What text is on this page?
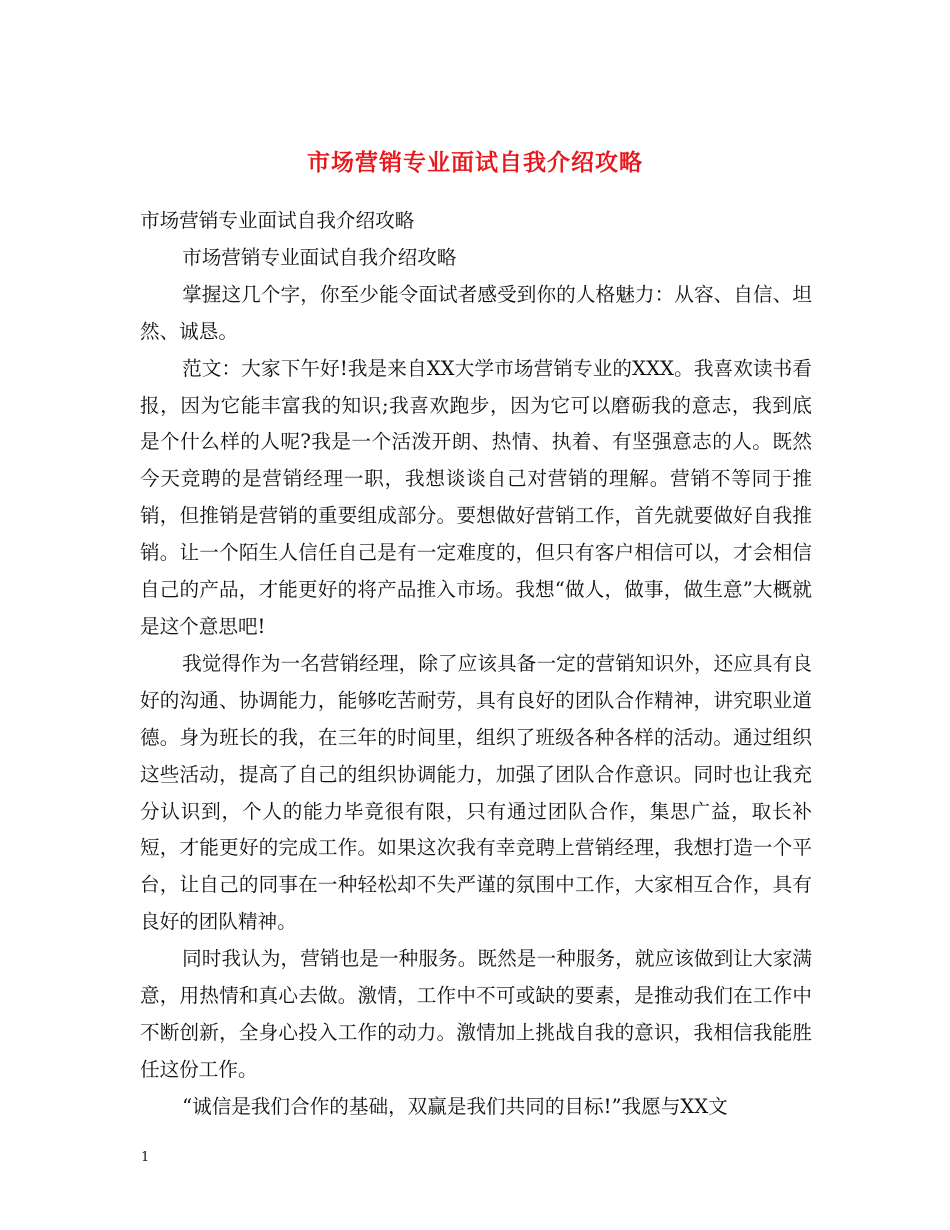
市场营销专业面试自我介绍攻略

市场营销专业面试自我介绍攻略

市场营销专业面试自我介绍攻略

掌握这几个字，你至少能令面试者感受到你的人格魅力：从容、自信、坦然、诚恳。

范文：大家下午好!我是来自XX大学市场营销专业的XXX。我喜欢读书看报，因为它能丰富我的知识;我喜欢跑步，因为它可以磨砺我的意志，我到底是个什么样的人呢?我是一个活泼开朗、热情、执着、有坚强意志的人。既然今天竞聘的是营销经理一职，我想谈谈自己对营销的理解。营销不等同于推销，但推销是营销的重要组成部分。要想做好营销工作，首先就要做好自我推销。让一个陌生人信任自己是有一定难度的，但只有客户相信可以，才会相信自己的产品，才能更好的将产品推入市场。我想“做人，做事，做生意”大概就是这个意思吧!

我觉得作为一名营销经理，除了应该具备一定的营销知识外，还应具有良好的沟通、协调能力，能够吃苦耐劳，具有良好的团队合作精神，讲究职业道德。身为班长的我，在三年的时间里，组织了班级各种各样的活动。通过组织这些活动，提高了自己的组织协调能力，加强了团队合作意识。同时也让我充分认识到，个人的能力毕竟很有限，只有通过团队合作，集思广益，取长补短，才能更好的完成工作。如果这次我有幸竞聘上营销经理，我想打造一个平台，让自己的同事在一种轻松却不失严谨的氛围中工作，大家相互合作，具有良好的团队精神。

同时我认为，营销也是一种服务。既然是一种服务，就应该做到让大家满意，用热情和真心去做。激情，工作中不可或缺的要素，是推动我们在工作中不断创新，全身心投入工作的动力。激情加上挑战自我的意识，我相信我能胜任这份工作。

“诚信是我们合作的基础，双赢是我们共同的目标!”我愿与XX文

1
